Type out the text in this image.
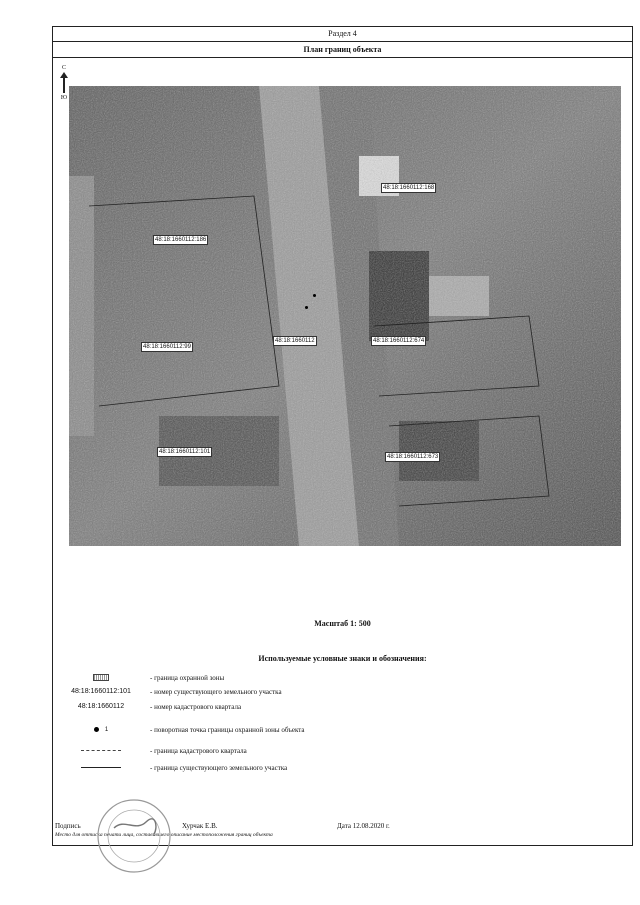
Раздел 4
План границ объекта
С
Ю
48:18:1660112:168
48:18:1660112:186
48:18:1660112:99
48:18:1660112	48:18:1660112:674
48:18:1660112:101
48:18:1660112:673
Масштаб 1: 500
Используемые условные знаки и обозначения:
- граница охранной зоны
48:18:1660112:101	- номер существующего земельного участка
48:18:1660112	- номер кадастрового квартала
1	- поворотная точка границы охранной зоны объекта
- граница кадастрового квартала
- граница существующего земельного участка
Подпись	Хурчак Е.В.	Дата 12.08.2020 г.
Место для оттиска печати лица, составившего описание местоположения границ объекта
